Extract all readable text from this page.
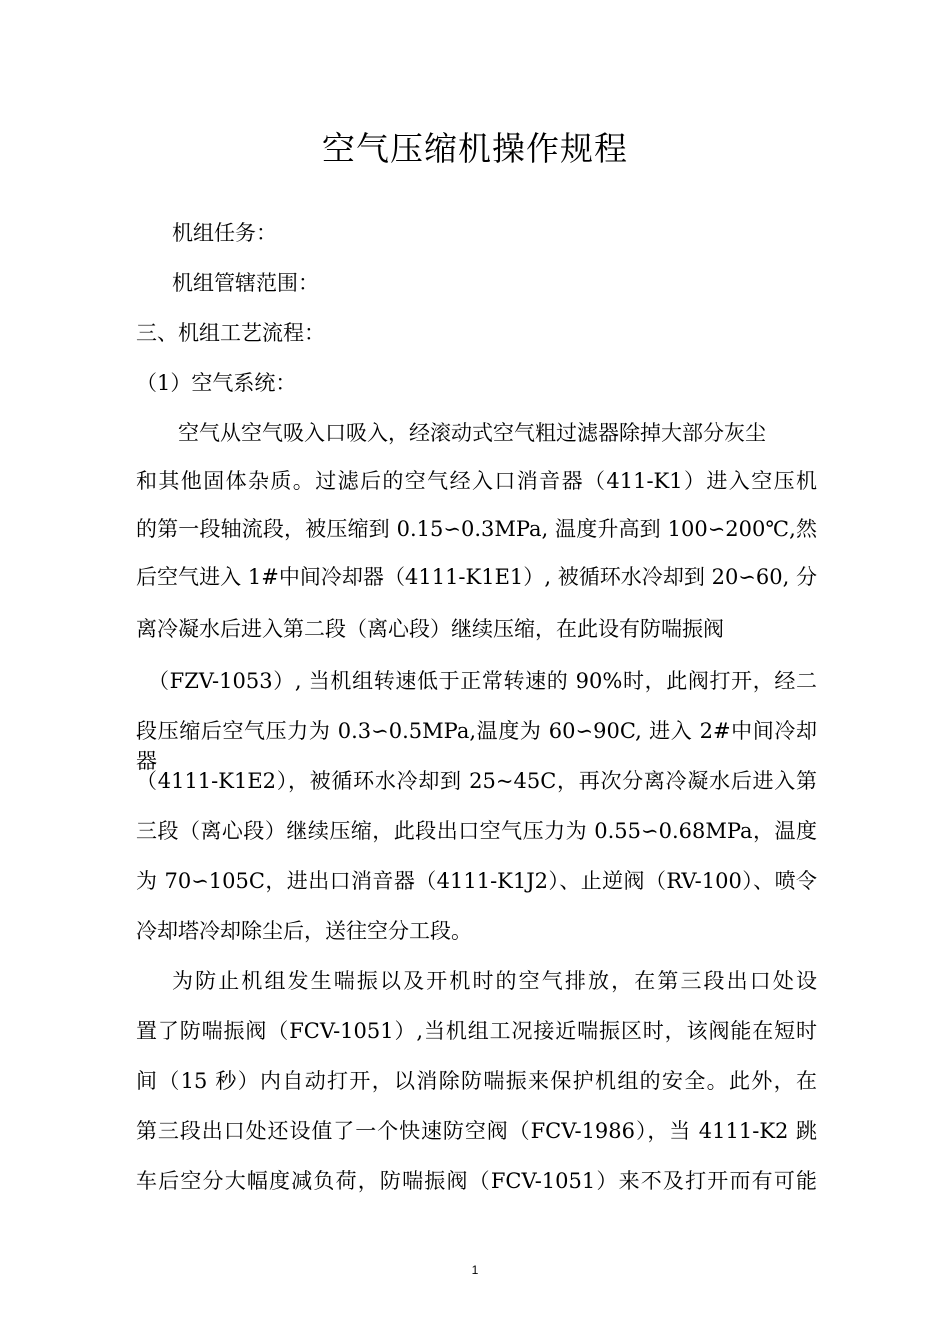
空气压缩机操作规程
机组任务：
机组管辖范围：
三、机组工艺流程：
（1）空气系统：
空气从空气吸入口吸入，经滚动式空气粗过滤器除掉大部分灰尘
和其他固体杂质。过滤后的空气经入口消音器（411-K1）进入空压机
的第一段轴流段，被压缩到 0.15∽0.3MPa, 温度升高到 100∽200℃,然
后空气进入 1#中间冷却器（4111-K1E1）, 被循环水冷却到 20∽60, 分
离冷凝水后进入第二段（离心段）继续压缩，在此设有防喘振阀
（FZV-1053）, 当机组转速低于正常转速的 90%时，此阀打开，经二
段压缩后空气压力为 0.3∽0.5MPa,温度为 60∽90C, 进入 2#中间冷却器
（4111-K1E2），被循环水冷却到 25~45C，再次分离冷凝水后进入第
三段（离心段）继续压缩，此段出口空气压力为 0.55∽0.68MPa，温度
为 70∽105C，进出口消音器（4111-K1J2）、止逆阀（RV-100）、喷令
冷却塔冷却除尘后，送往空分工段。
为防止机组发生喘振以及开机时的空气排放，在第三段出口处设
置了防喘振阀（FCV-1051）,当机组工况接近喘振区时，该阀能在短时
间（15 秒）内自动打开，以消除防喘振来保护机组的安全。此外，在
第三段出口处还设值了一个快速防空阀（FCV-1986），当 4111-K2 跳
车后空分大幅度减负荷，防喘振阀（FCV-1051）来不及打开而有可能
1
